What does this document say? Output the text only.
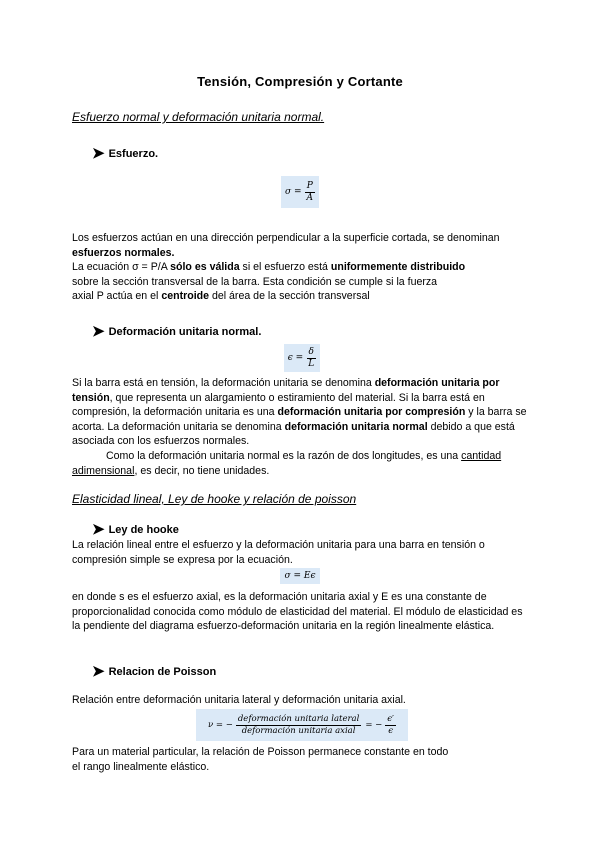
Tensión, Compresión y Cortante
Esfuerzo normal y deformación unitaria normal.
➤ Esfuerzo.
$\sigma = \frac{P}{A}$
Los esfuerzos actúan en una dirección perpendicular a la superficie cortada, se denominan
esfuerzos normales.
La ecuación σ = P/A sólo es válida si el esfuerzo está uniformemente distribuido
sobre la sección transversal de la barra. Esta condición se cumple si la fuerza
axial P actúa en el centroide del área de la sección transversal
➤ Deformación unitaria normal.
$\epsilon = \frac{\delta}{L}$
Si la barra está en tensión, la deformación unitaria se denomina deformación unitaria por tensión, que representa un alargamiento o estiramiento del material. Si la barra está en compresión, la deformación unitaria es una deformación unitaria por compresión y la barra se acorta. La deformación unitaria se denomina deformación unitaria normal debido a que está asociada con los esfuerzos normales.
Como la deformación unitaria normal es la razón de dos longitudes, es una cantidad adimensional, es decir, no tiene unidades.
Elasticidad lineal, Ley de hooke y relación de poisson
➤ Ley de hooke
La relación lineal entre el esfuerzo y la deformación unitaria para una barra en tensión o compresión simple se expresa por la ecuación.
σ = Eϵ
en donde s es el esfuerzo axial, es la deformación unitaria axial y E es una constante de proporcionalidad conocida como módulo de elasticidad del material. El módulo de elasticidad es la pendiente del diagrama esfuerzo-deformación unitaria en la región linealmente elástica.
➤ Relacion de Poisson
Relación entre deformación unitaria lateral y deformación unitaria axial.
ν = − $\frac{\text{deformación unitaria lateral}}{\text{deformación unitaria axial}}$ = − $\frac{\epsilon'}{\epsilon}$
Para un material particular, la relación de Poisson permanece constante en todo el rango linealmente elástico.
